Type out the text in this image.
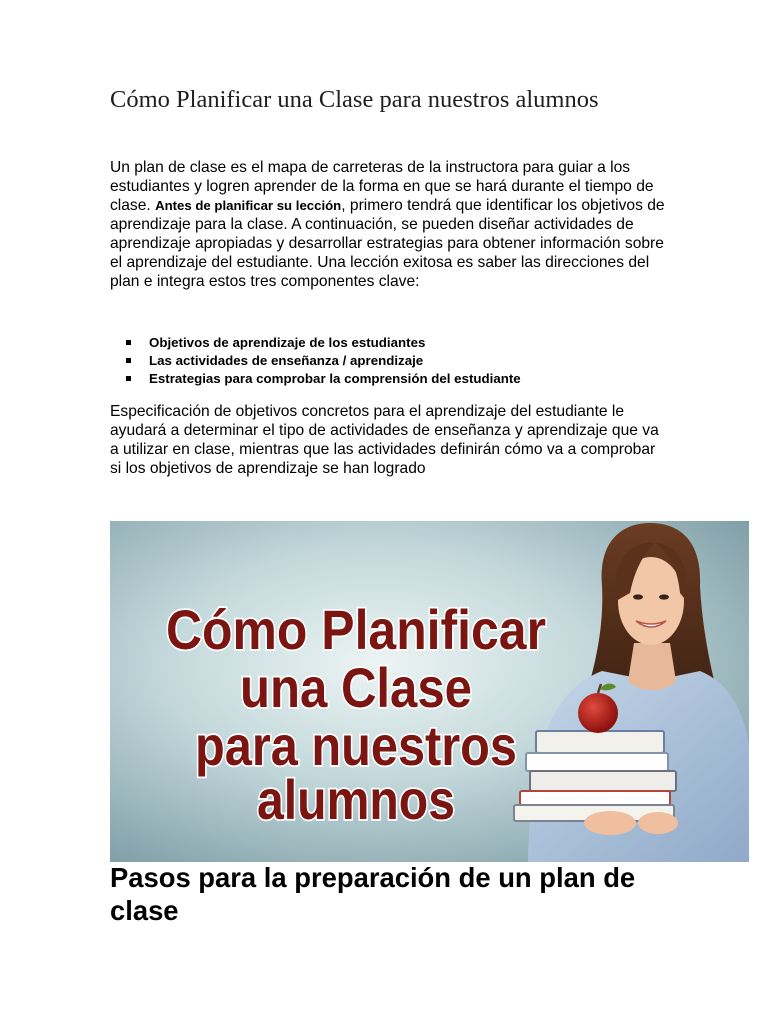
Cómo Planificar una Clase para nuestros alumnos

Un plan de clase es el mapa de carreteras de la instructora para guiar a los estudiantes y logren aprender de la forma en que se hará durante el tiempo de clase. Antes de planificar su lección, primero tendrá que identificar los objetivos de aprendizaje para la clase. A continuación, se pueden diseñar actividades de aprendizaje apropiadas y desarrollar estrategias para obtener información sobre el aprendizaje del estudiante. Una lección exitosa es saber las direcciones del plan e integra estos tres componentes clave:

Objetivos de aprendizaje de los estudiantes
Las actividades de enseñanza / aprendizaje
Estrategias para comprobar la comprensión del estudiante

Especificación de objetivos concretos para el aprendizaje del estudiante le ayudará a determinar el tipo de actividades de enseñanza y aprendizaje que va a utilizar en clase, mientras que las actividades definirán cómo va a comprobar si los objetivos de aprendizaje se han logrado

Cómo Planificar
una Clase
para nuestros
alumnos
Pasos para la preparación de un plan de clase
